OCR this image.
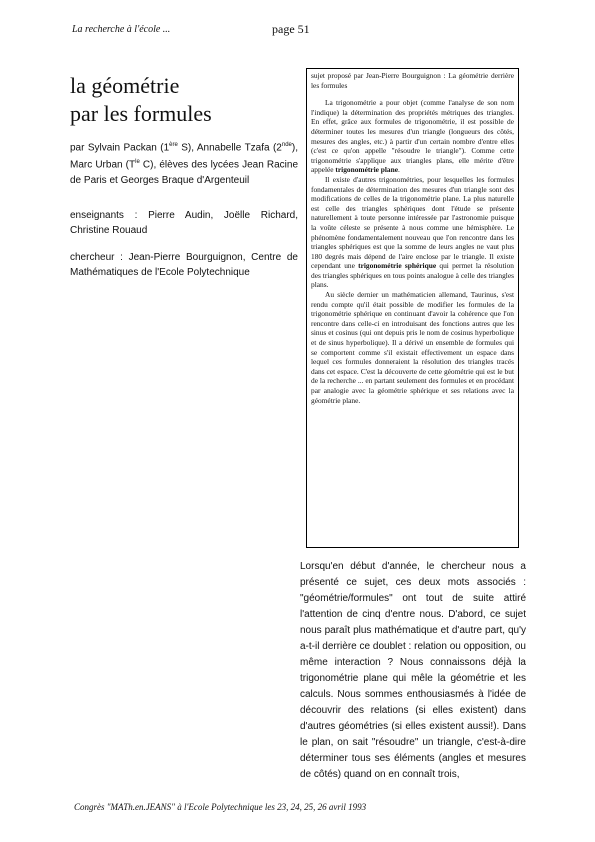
La recherche à l'école ...	page 51
la géométrie
par les formules
par Sylvain Packan (1ère S), Annabelle Tzafa (2nde), Marc Urban ($T^{le}$ C), élèves des lycées Jean Racine de Paris et Georges Braque d'Argenteuil
enseignants : Pierre Audin, Joëlle Richard, Christine Rouaud
chercheur : Jean-Pierre Bourguignon, Centre de Mathématiques de l'Ecole Polytechnique

sujet proposé par Jean-Pierre Bourguignon : La géométrie derrière les formules

La trigonométrie a pour objet (comme l'analyse de son nom l'indique) la détermination des propriétés métriques des triangles. En effet, grâce aux formules de trigonométrie, il est possible de déterminer toutes les mesures d'un triangle (longueurs des côtés, mesures des angles, etc.) à partir d'un certain nombre d'entre elles (c'est ce qu'on appelle "résoudre le triangle"). Comme cette trigonométrie s'applique aux triangles plans, elle mérite d'être appelée trigonométrie plane.

Il existe d'autres trigonométries, pour lesquelles les formules fondamentales de détermination des mesures d'un triangle sont des modifications de celles de la trigonométrie plane. La plus naturelle est celle des triangles sphériques dont l'étude se présente naturellement à toute personne intéressée par l'astronomie puisque la voûte céleste se présente à nous comme une hémisphère. Le phénomène fondamentalement nouveau que l'on rencontre dans les triangles sphériques est que la somme de leurs angles ne vaut plus 180 degrés mais dépend de l'aire enclose par le triangle. Il existe cependant une trigonométrie sphérique qui permet la résolution des triangles sphériques en tous points analogue à celle des triangles plans.

Au siècle dernier un mathématicien allemand, Taurinus, s'est rendu compte qu'il était possible de modifier les formules de la trigonométrie sphérique en continuant d'avoir la cohérence que l'on rencontre dans celle-ci en introduisant des fonctions autres que les sinus et cosinus (qui ont depuis pris le nom de cosinus hyperbolique et de sinus hyperbolique). Il a dérivé un ensemble de formules qui se comportent comme s'il existait effectivement un espace dans lequel ces formules donneraient la résolution des triangles tracés dans cet espace. C'est la découverte de cette géométrie qui est le but de la recherche ... en partant seulement des formules et en procédant par analogie avec la géométrie sphérique et ses relations avec la géométrie plane.

Lorsqu'en début d'année, le chercheur nous a présenté ce sujet, ces deux mots associés : "géométrie/formules" ont tout de suite attiré l'attention de cinq d'entre nous. D'abord, ce sujet nous paraît plus mathématique et d'autre part, qu'y a-t-il derrière ce doublet : relation ou opposition, ou même interaction ? Nous connaissons déjà la trigonométrie plane qui mêle la géométrie et les calculs. Nous sommes enthousiasmés à l'idée de découvrir des relations (si elles existent) dans d'autres géométries (si elles existent aussi!). Dans le plan, on sait "résoudre" un triangle, c'est-à-dire déterminer tous ses éléments (angles et mesures de côtés) quand on en connaît trois,
Congrès "MATh.en.JEANS" à l'Ecole Polytechnique les 23, 24, 25, 26 avril 1993
